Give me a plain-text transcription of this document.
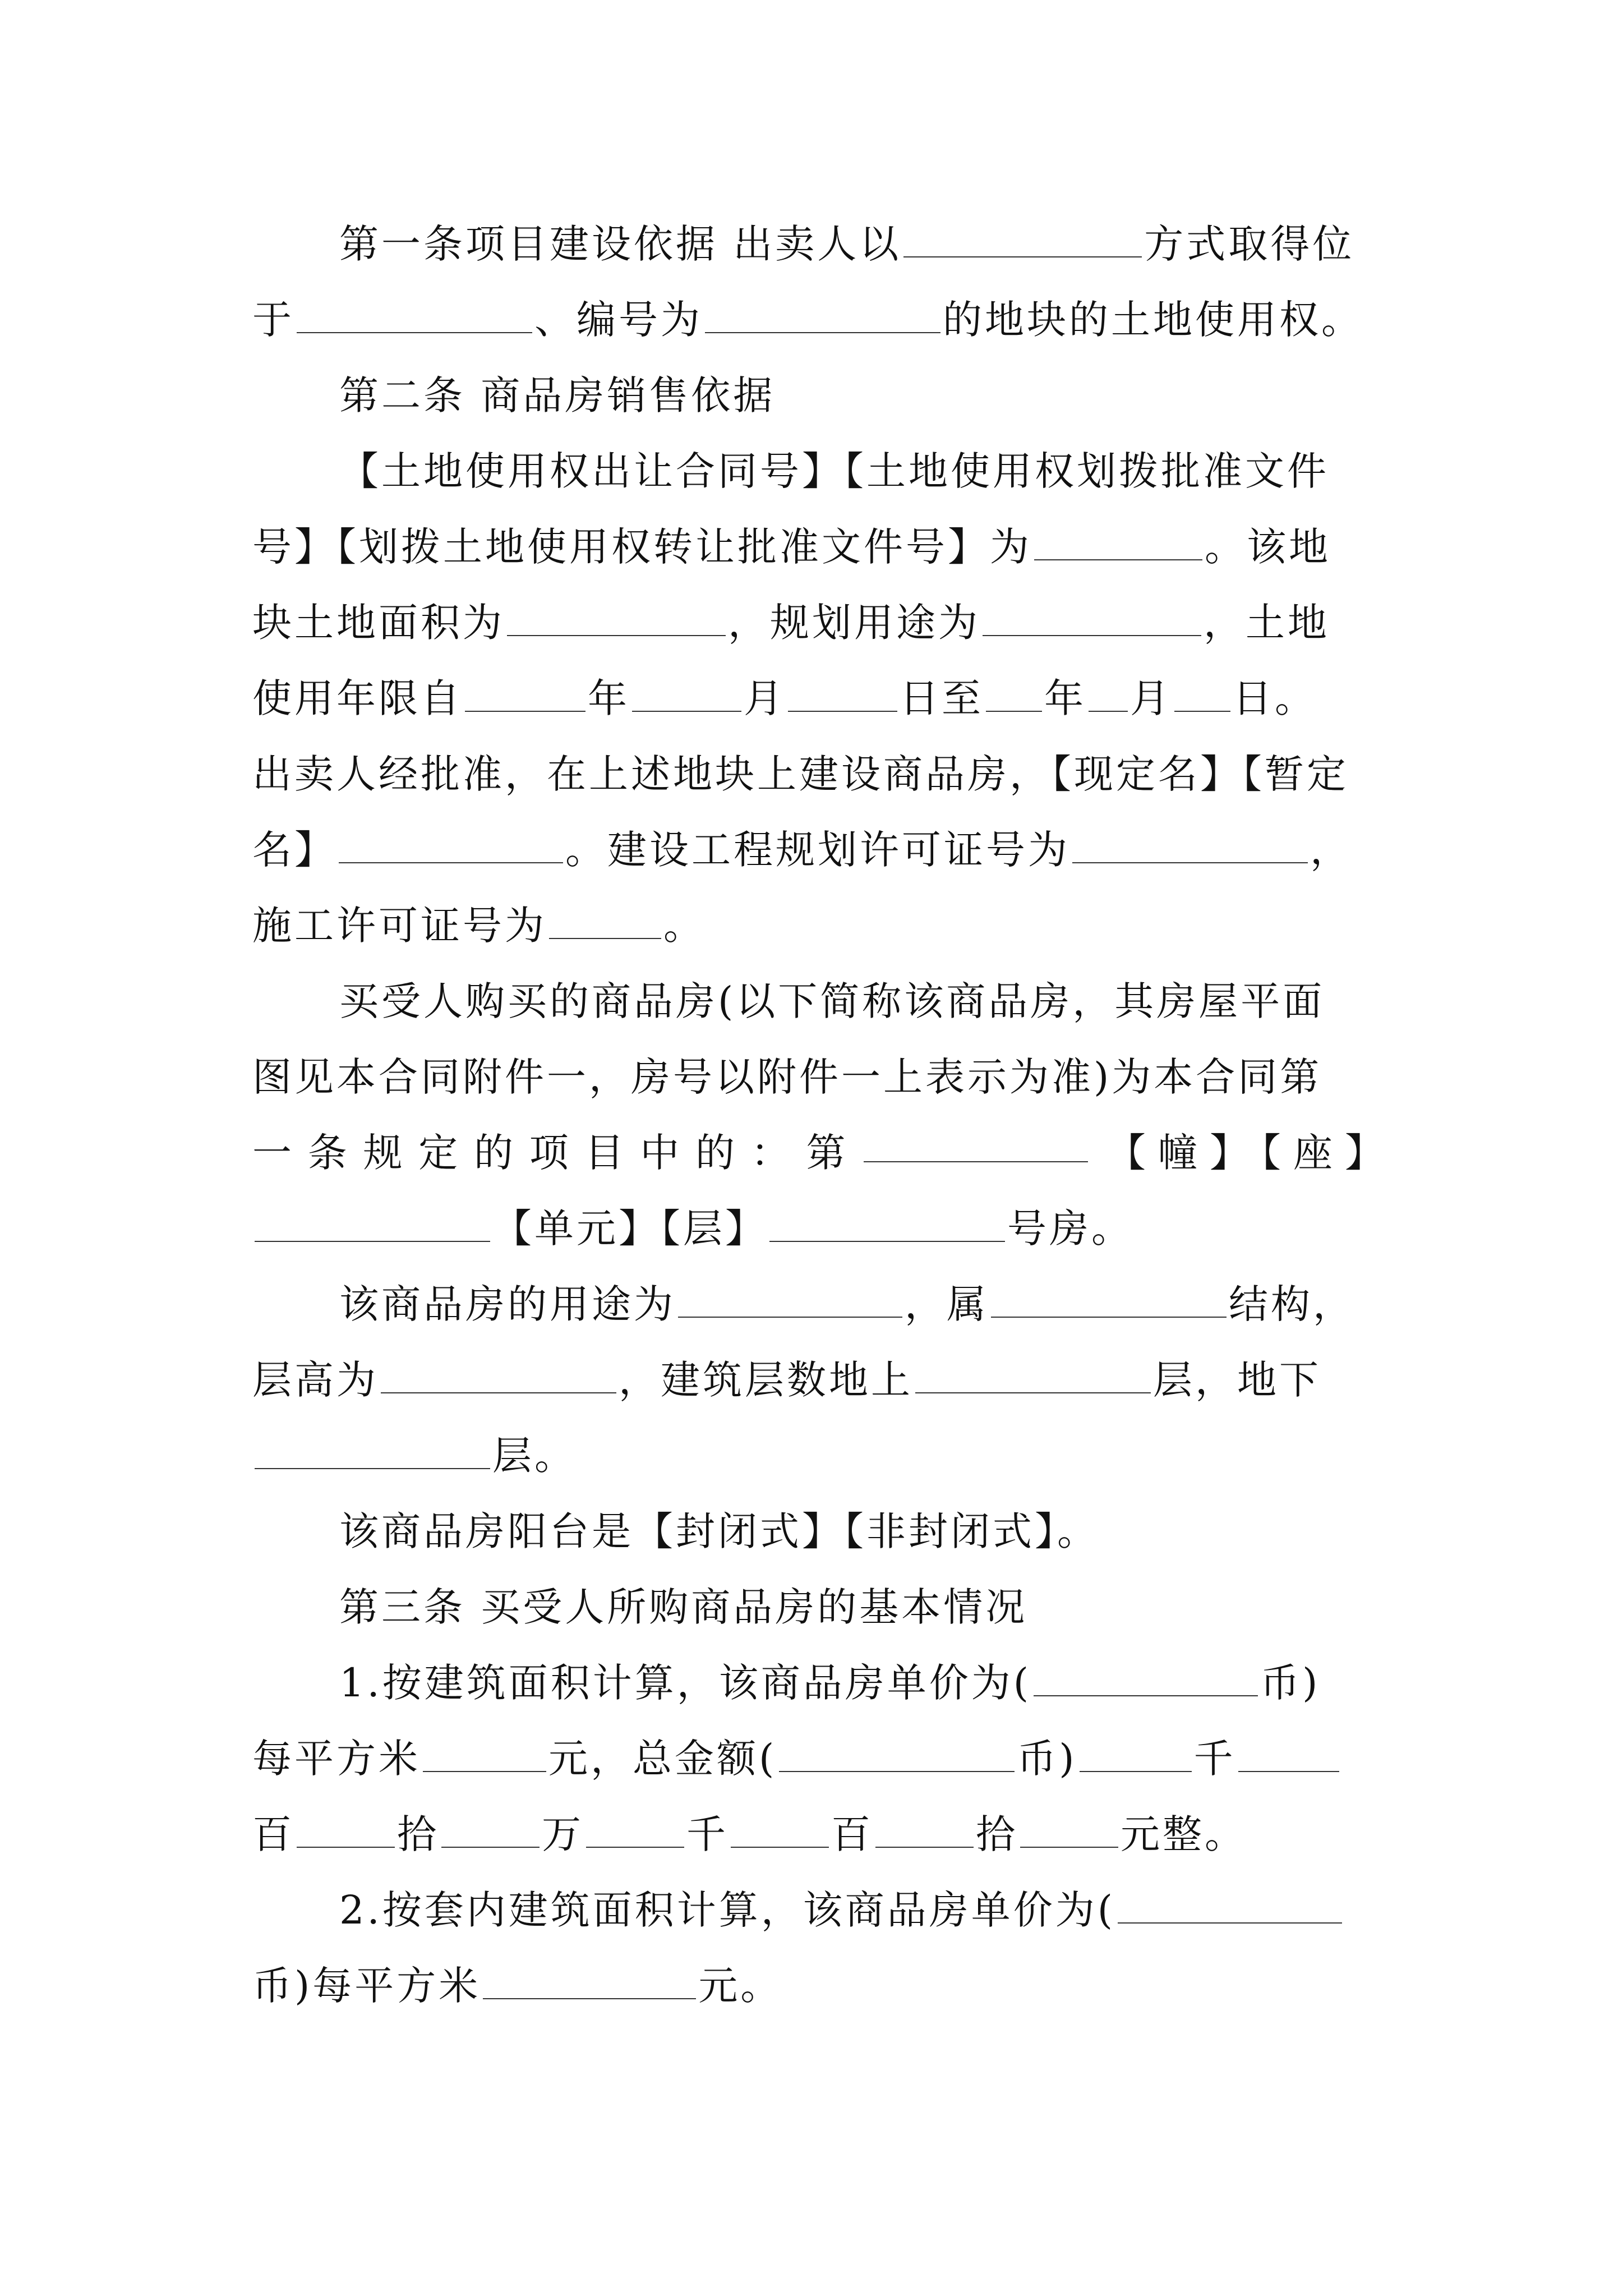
第一条项目建设依据 出卖人以	方式取得位
于	、编号为	的地块的土地使用权。
第二条 商品房销售依据
【土地使用权出让合同号】【土地使用权划拨批准文件
号】【划拨土地使用权转让批准文件号】为	。该地
块土地面积为	，规划用途为	，土地
使用年限自	年	月	日至 年 月 日。
出卖人经批准，在上述地块上建设商品房，【现定名】【暂定
名】	。建设工程规划许可证号为	，
施工许可证号为	。
买受人购买的商品房(以下简称该商品房，其房屋平面
图见本合同附件一，房号以附件一上表示为准)为本合同第
一 条 规 定 的 项 目 中 的 ： 第	【幢】【座】
【单元】【层】	号房。
该商品房的用途为	，属	结构，
层高为	，建筑层数地上	层，地下
层。
该商品房阳台是【封闭式】【非封闭式】。
第三条 买受人所购商品房的基本情况
1.按建筑面积计算，该商品房单价为(	币)
每平方米	元，总金额(	币)	千
百	拾	万	千	百	拾	元整。
2.按套内建筑面积计算，该商品房单价为(
币)每平方米	元。
